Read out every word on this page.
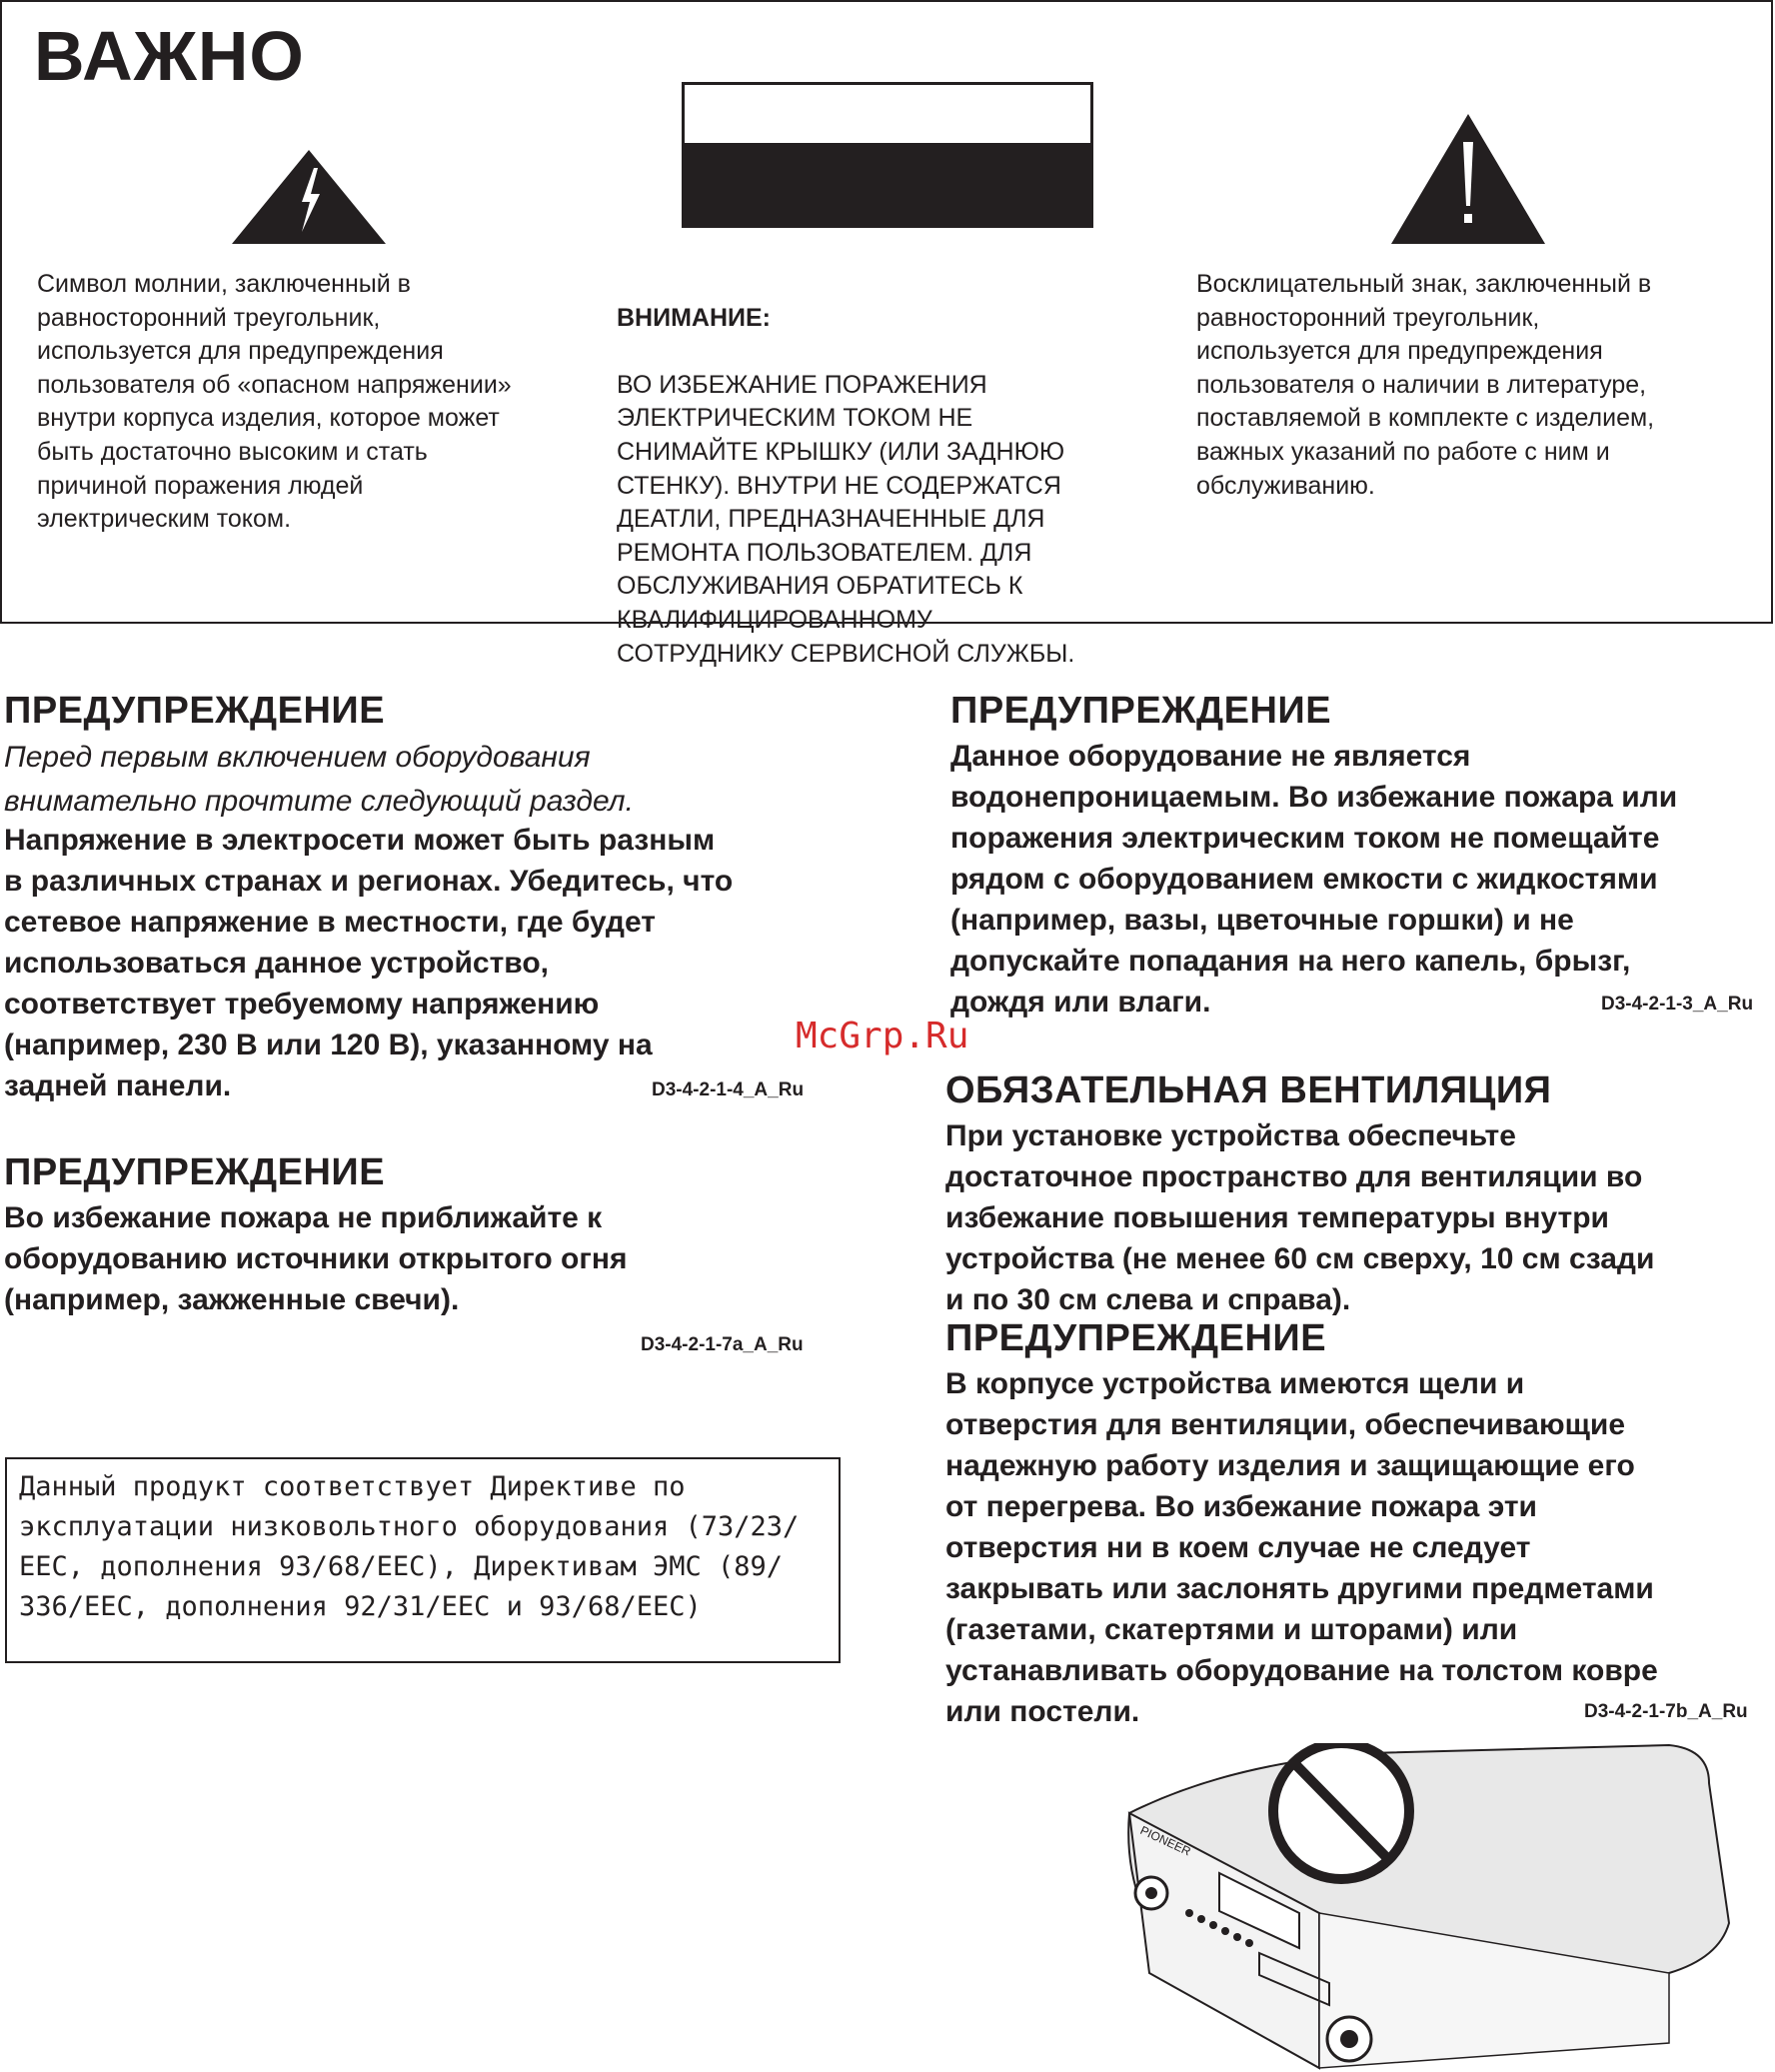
ВАЖНО
Символ молнии, заключенный в
равносторонний треугольник,
используется для предупреждения
пользователя об «опасном напряжении»
внутри корпуса изделия, которое может
быть достаточно высоким и стать
причиной поражения людей
электрическим током.

ВНИМАНИЕ:

ВО ИЗБЕЖАНИЕ ПОРАЖЕНИЯ
ЭЛЕКТРИЧЕСКИМ ТОКОМ НЕ
СНИМАЙТЕ КРЫШКУ (ИЛИ ЗАДНЮЮ
СТЕНКУ). ВНУТРИ НЕ СОДЕРЖАТСЯ
ДЕАТЛИ, ПРЕДНАЗНАЧЕННЫЕ ДЛЯ
РЕМОНТА ПОЛЬЗОВАТЕЛЕМ. ДЛЯ
ОБСЛУЖИВАНИЯ ОБРАТИТЕСЬ К
КВАЛИФИЦИРОВАННОМУ
СОТРУДНИКУ СЕРВИСНОЙ СЛУЖБЫ.

Восклицательный знак, заключенный в
равносторонний треугольник,
используется для предупреждения
пользователя о наличии в литературе,
поставляемой в комплекте с изделием,
важных указаний по работе с ним и
обслуживанию.
ПРЕДУПРЕЖДЕНИЕ
Перед первым включением оборудования
внимательно прочтите следующий раздел.
Напряжение в электросети может быть разным
в различных странах и регионах. Убедитесь, что
сетевое напряжение в местности, где будет
использоваться данное устройство,
соответствует требуемому напряжению
(например, 230 В или 120 В), указанному на
задней панели.	D3-4-2-1-4_A_Ru
ПРЕДУПРЕЖДЕНИЕ
Во избежание пожара не приближайте к
оборудованию источники открытого огня
(например, зажженные свечи).
D3-4-2-1-7a_A_Ru
Данный продукт соответствует Директиве по
эксплуатации низковольтного оборудования (73/23/
EEC, дополнения 93/68/EEC), Директивам ЭМС (89/
336/EEC, дополнения 92/31/EEC и 93/68/EEC)
ПРЕДУПРЕЖДЕНИЕ
Данное оборудование не является
водонепроницаемым. Во избежание пожара или
поражения электрическим током не помещайте
рядом с оборудованием емкости с жидкостями
(например, вазы, цветочные горшки) и не
допускайте попадания на него капель, брызг,
дождя или влаги.	D3-4-2-1-3_A_Ru
McGrp.Ru
ОБЯЗАТЕЛЬНАЯ ВЕНТИЛЯЦИЯ
При установке устройства обеспечьте
достаточное пространство для вентиляции во
избежание повышения температуры внутри
устройства (не менее 60 см сверху, 10 см сзади
и по 30 см слева и справа).
ПРЕДУПРЕЖДЕНИЕ
В корпусе устройства имеются щели и
отверстия для вентиляции, обеспечивающие
надежную работу изделия и защищающие его
от перегрева. Во избежание пожара эти
отверстия ни в коем случае не следует
закрывать или заслонять другими предметами
(газетами, скатертями и шторами) или
устанавливать оборудование на толстом ковре
или постели.	D3-4-2-1-7b_A_Ru
PIONEER
